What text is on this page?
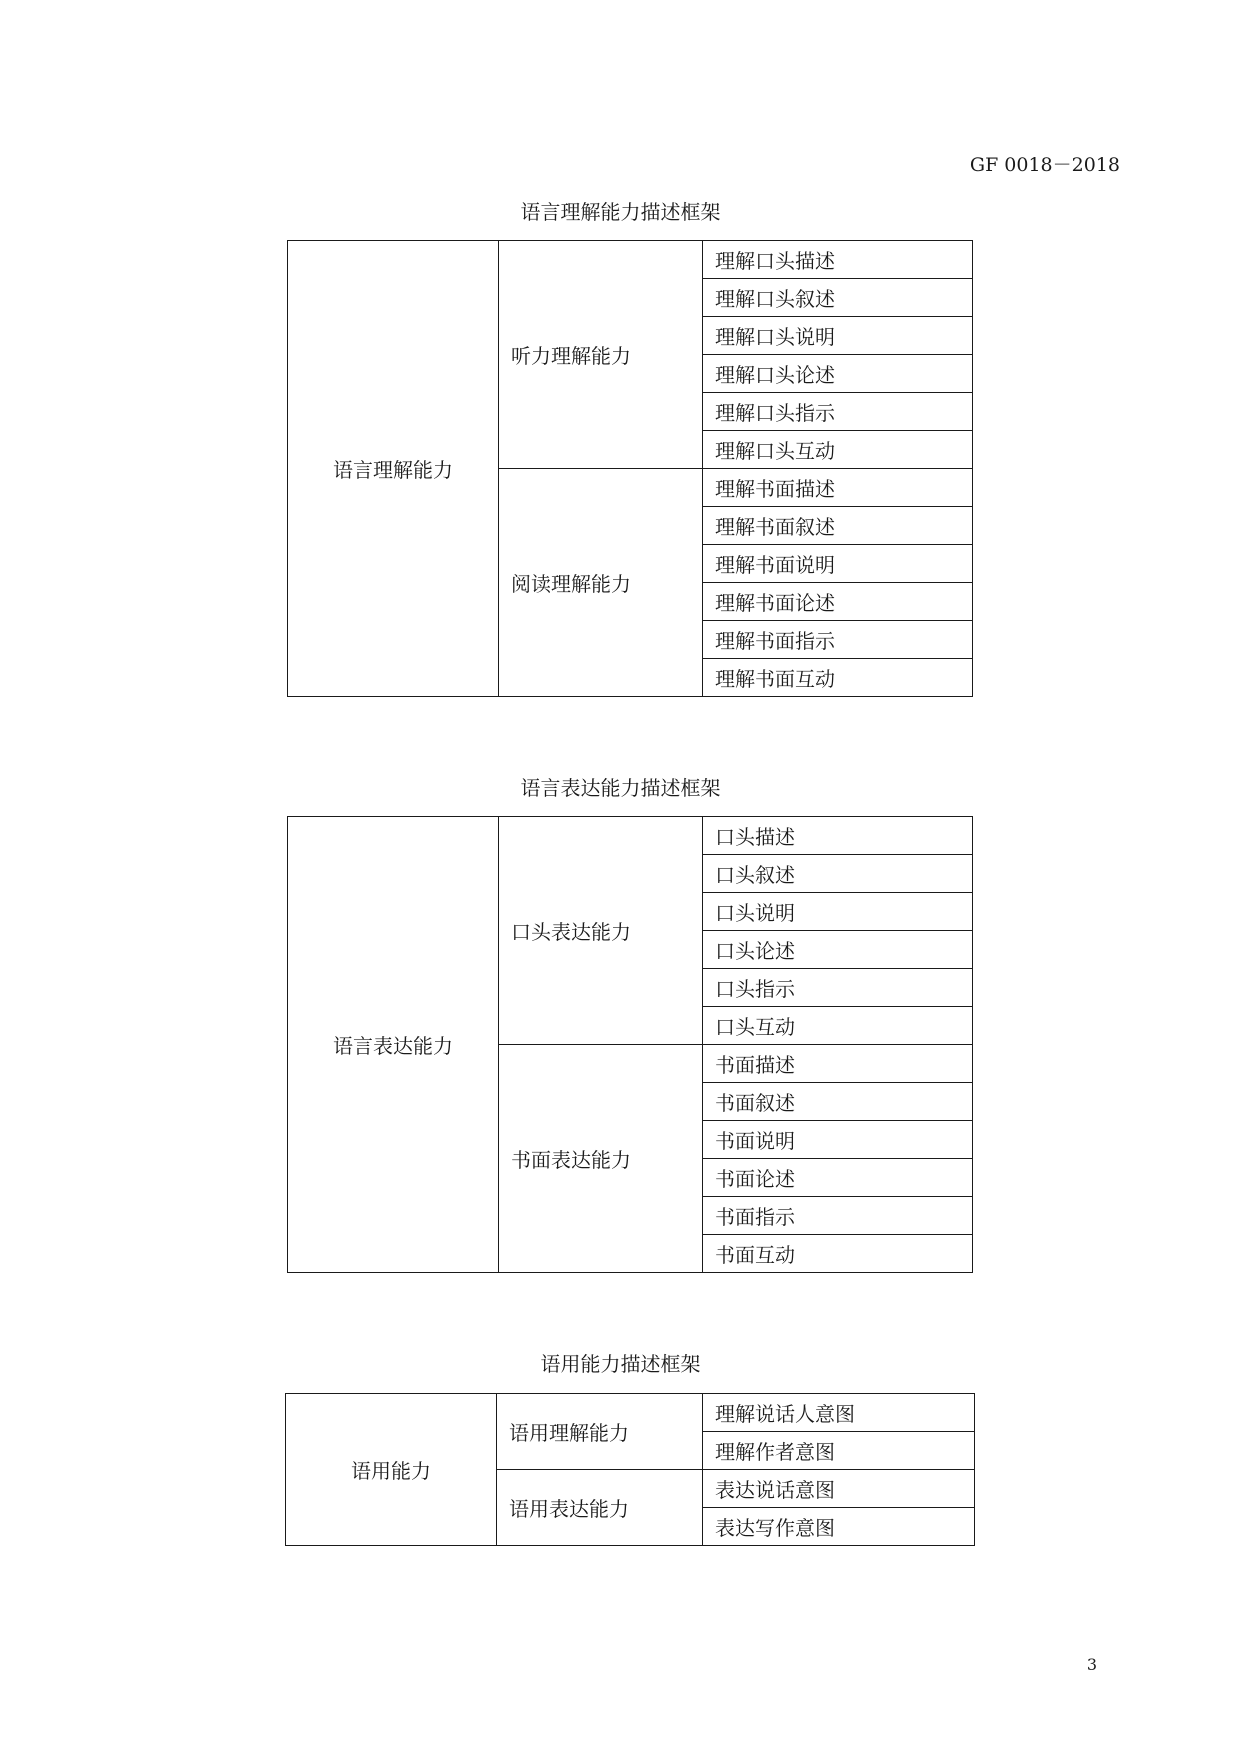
GF 0018－2018
语言理解能力描述框架
语言理解能力	听力理解能力	理解口头描述
		理解口头叙述
		理解口头说明
		理解口头论述
		理解口头指示
		理解口头互动
	阅读理解能力	理解书面描述
		理解书面叙述
		理解书面说明
		理解书面论述
		理解书面指示
		理解书面互动
语言表达能力描述框架
语言表达能力	口头表达能力	口头描述
		口头叙述
		口头说明
		口头论述
		口头指示
		口头互动
	书面表达能力	书面描述
		书面叙述
		书面说明
		书面论述
		书面指示
		书面互动
语用能力描述框架
语用能力	语用理解能力	理解说话人意图
		理解作者意图
	语用表达能力	表达说话意图
		表达写作意图
3
